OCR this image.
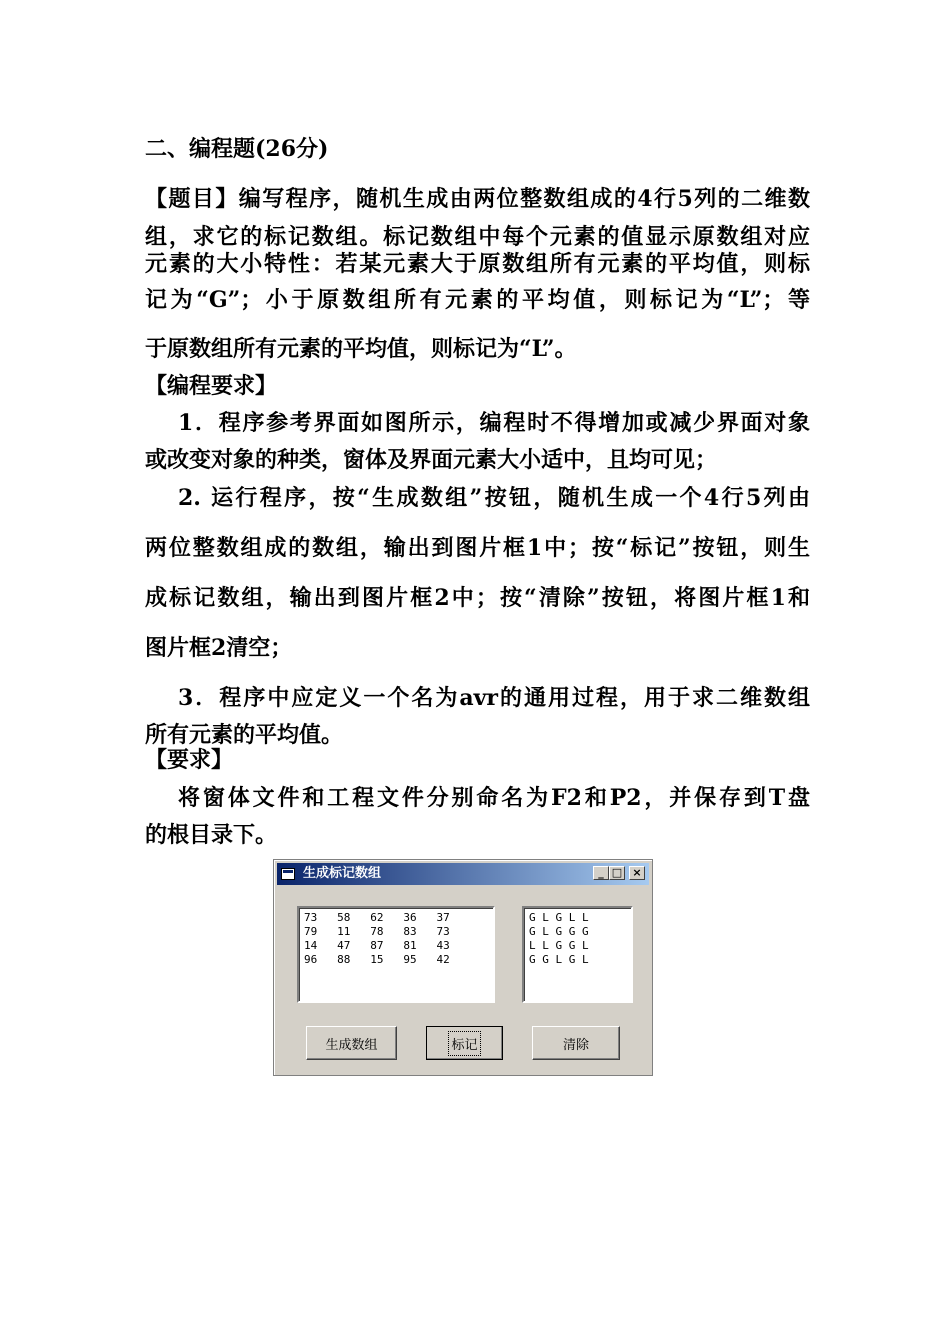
二、编程题(26分)
【题目】编写程序，随机生成由两位整数组成的4行5列的二维数
组，求它的标记数组。标记数组中每个元素的值显示原数组对应
元素的大小特性：若某元素大于原数组所有元素的平均值，则标
记为“G”；小于原数组所有元素的平均值，则标记为“L”；等
于原数组所有元素的平均值，则标记为“L”。
【编程要求】
1．程序参考界面如图所示，编程时不得增加或减少界面对象
或改变对象的种类，窗体及界面元素大小适中，且均可见；
2. 运行程序，按“生成数组”按钮，随机生成一个4行5列由
两位整数组成的数组，输出到图片框1中；按“标记”按钮，则生
成标记数组，输出到图片框2中；按“清除”按钮，将图片框1和
图片框2清空；
3．程序中应定义一个名为avr的通用过程，用于求二维数组
所有元素的平均值。
【要求】
将窗体文件和工程文件分别命名为F2和P2，并保存到T盘
的根目录下。
生成标记数组	_ □ ×
73   58   62   36   37
79   11   78   83   73
14   47   87   81   43
96   88   15   95   42
G L G L L
G L G G G
L L G G L
G G L G L
生成数组	标记	清除
